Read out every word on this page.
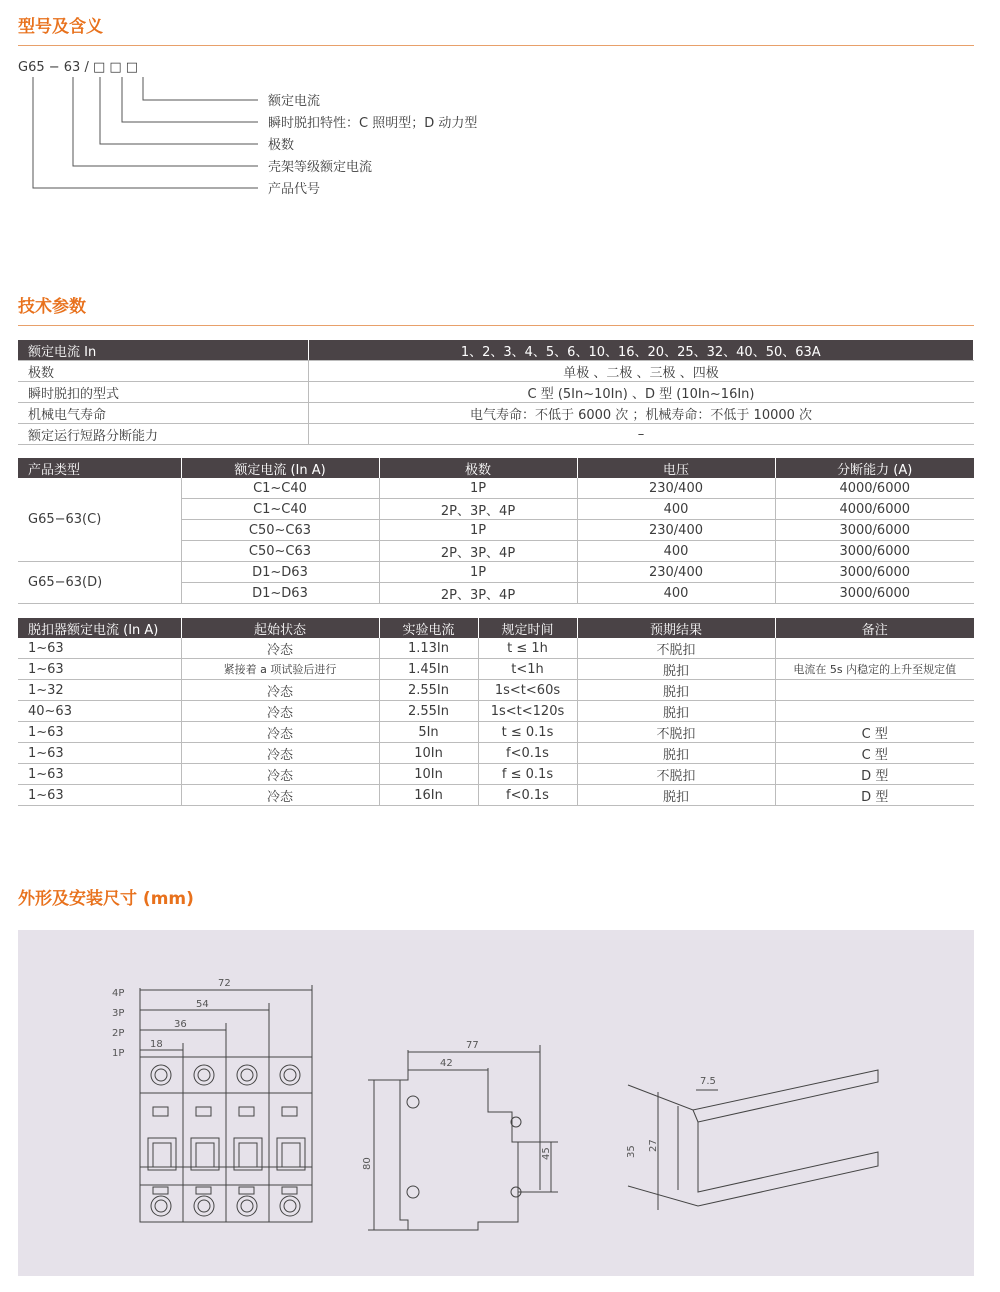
型号及含义
G65 − 63 / □ □ □
额定电流
瞬时脱扣特性：C 照明型；D 动力型
极数
壳架等级额定电流
产品代号
技术参数
额定电流 In	1、2、3、4、5、6、10、16、20、25、32、40、50、63A
极数	单极 、二极 、三极 、四极
瞬时脱扣的型式	C 型 (5In~10In) 、D 型 (10In~16In)
机械电气寿命	电气寿命：不低于 6000 次 ；机械寿命：不低于 10000 次
额定运行短路分断能力	–
产品类型	额定电流 (In A)	极数	电压	分断能力 (A)
G65−63(C)	C1~C40	1P	230/400	4000/6000
	C1~C40	2P、3P、4P	400	4000/6000
	C50~C63	1P	230/400	3000/6000
	C50~C63	2P、3P、4P	400	3000/6000
G65−63(D)	D1~D63	1P	230/400	3000/6000
	D1~D63	2P、3P、4P	400	3000/6000
脱扣器额定电流 (In A)	起始状态	实验电流	规定时间	预期结果	备注
1~63	冷态	1.13In	t ≤ 1h	不脱扣	
1~63	紧接着 a 项试验后进行	1.45In	t<1h	脱扣	电流在 5s 内稳定的上升至规定值
1~32	冷态	2.55In	1s<t<60s	脱扣	
40~63	冷态	2.55In	1s<t<120s	脱扣	
1~63	冷态	5In	t ≤ 0.1s	不脱扣	C 型
1~63	冷态	10In	f<0.1s	脱扣	C 型
1~63	冷态	10In	f ≤ 0.1s	不脱扣	D 型
1~63	冷态	16In	f<0.1s	脱扣	D 型
外形及安装尺寸 (mm)
4P
3P
2P
1P
72
54
36
18	77
42
80
45
7.5
35 27
